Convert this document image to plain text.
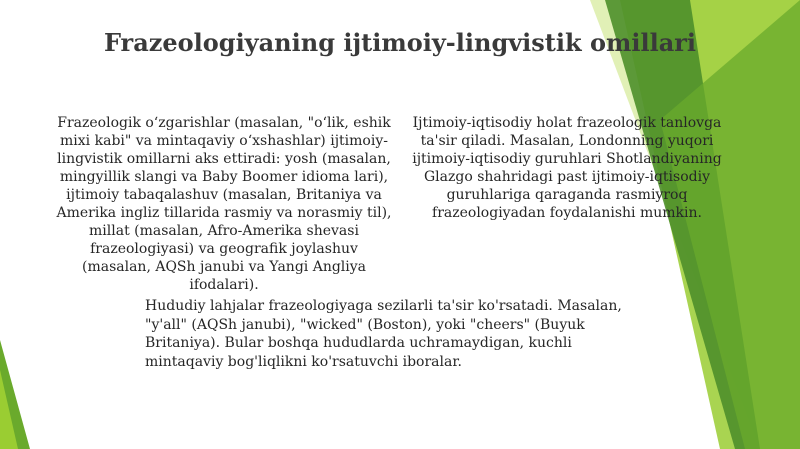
Frazeologiyaning ijtimoiy-lingvistik omillari
Frazeologik oʻzgarishlar (masalan, "oʻlik, eshik mixi kabi" va mintaqaviy oʻxshashlar) ijtimoiy-lingvistik omillarni aks ettiradi: yosh (masalan, mingyillik slangi va Baby Boomer idioma lari), ijtimoiy tabaqalashuv (masalan, Britaniya va Amerika ingliz tillarida rasmiy va norasmiy til), millat (masalan, Afro-Amerika shevasi frazeologiyasi) va geografik joylashuv (masalan, AQSh janubi va Yangi Angliya ifodalari).
Ijtimoiy-iqtisodiy holat frazeologik tanlovga ta'sir qiladi. Masalan, Londonning yuqori ijtimoiy-iqtisodiy guruhlari Shotlandiyaning Glazgo shahridagi past ijtimoiy-iqtisodiy guruhlariga qaraganda rasmiyroq frazeologiyadan foydalanishi mumkin.
Hududiy lahjalar frazeologiyaga sezilarli ta'sir ko'rsatadi. Masalan, "y'all" (AQSh janubi), "wicked" (Boston), yoki "cheers" (Buyuk Britaniya). Bular boshqa hududlarda uchramaydigan, kuchli mintaqaviy bog'liqlikni ko'rsatuvchi iboralar.
